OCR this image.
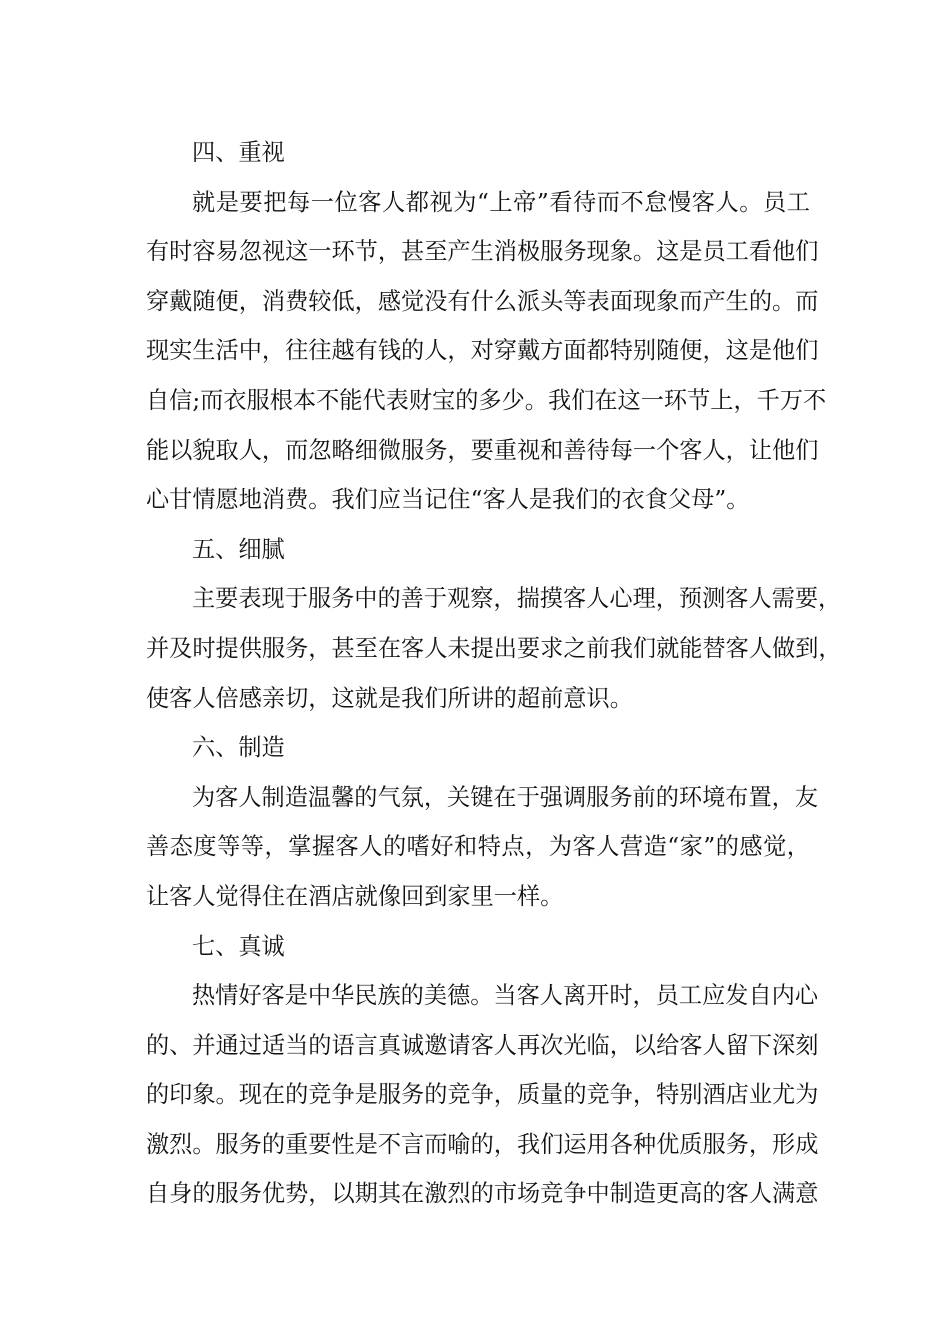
四、重视

就是要把每一位客人都视为“上帝”看待而不怠慢客人。员工
有时容易忽视这一环节，甚至产生消极服务现象。这是员工看他们
穿戴随便，消费较低，感觉没有什么派头等表面现象而产生的。而
现实生活中，往往越有钱的人，对穿戴方面都特别随便，这是他们
自信;而衣服根本不能代表财宝的多少。我们在这一环节上，千万不
能以貌取人，而忽略细微服务，要重视和善待每一个客人，让他们
心甘情愿地消费。我们应当记住“客人是我们的衣食父母”。

五、细腻

主要表现于服务中的善于观察，揣摸客人心理，预测客人需要，
并及时提供服务，甚至在客人未提出要求之前我们就能替客人做到，
使客人倍感亲切，这就是我们所讲的超前意识。

六、制造

为客人制造温馨的气氛，关键在于强调服务前的环境布置，友
善态度等等，掌握客人的嗜好和特点，为客人营造“家”的感觉，
让客人觉得住在酒店就像回到家里一样。

七、真诚

热情好客是中华民族的美德。当客人离开时，员工应发自内心
的、并通过适当的语言真诚邀请客人再次光临，以给客人留下深刻
的印象。现在的竞争是服务的竞争，质量的竞争，特别酒店业尤为
激烈。服务的重要性是不言而喻的，我们运用各种优质服务，形成
自身的服务优势，以期其在激烈的市场竞争中制造更高的客人满意
